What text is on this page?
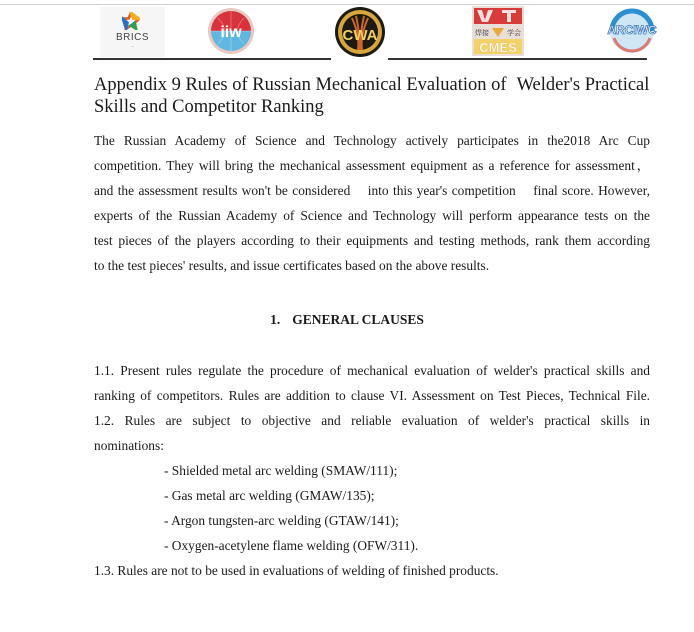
BRICS
—
iiw	CWA	焊接	学会
CMES
ARCIWC
Appendix 9 Rules of Russian Mechanical Evaluation of Welder's Practical
Skills and Competitor Ranking
The Russian Academy of Science and Technology actively participates in the2018 Arc Cup
competition. They will bring the mechanical assessment equipment as a reference for assessment，
and the assessment results won't be considered    into this year's competition    final score. However,
experts of the Russian Academy of Science and Technology will perform appearance tests on the
test pieces of the players according to their equipments and testing methods, rank them according
to the test pieces' results, and issue certificates based on the above results.
1. GENERAL CLAUSES
1.1. Present rules regulate the procedure of mechanical evaluation of welder's practical skills and
ranking of competitors. Rules are addition to clause VI. Assessment on Test Pieces, Technical File.
1.2. Rules are subject to objective and reliable evaluation of welder's practical skills in
nominations:
- Shielded metal arc welding (SMAW/111);
- Gas metal arc welding (GMAW/135);
- Argon tungsten-arc welding (GTAW/141);
- Oxygen-acetylene flame welding (OFW/311).

1.3. Rules are not to be used in evaluations of welding of finished products.
